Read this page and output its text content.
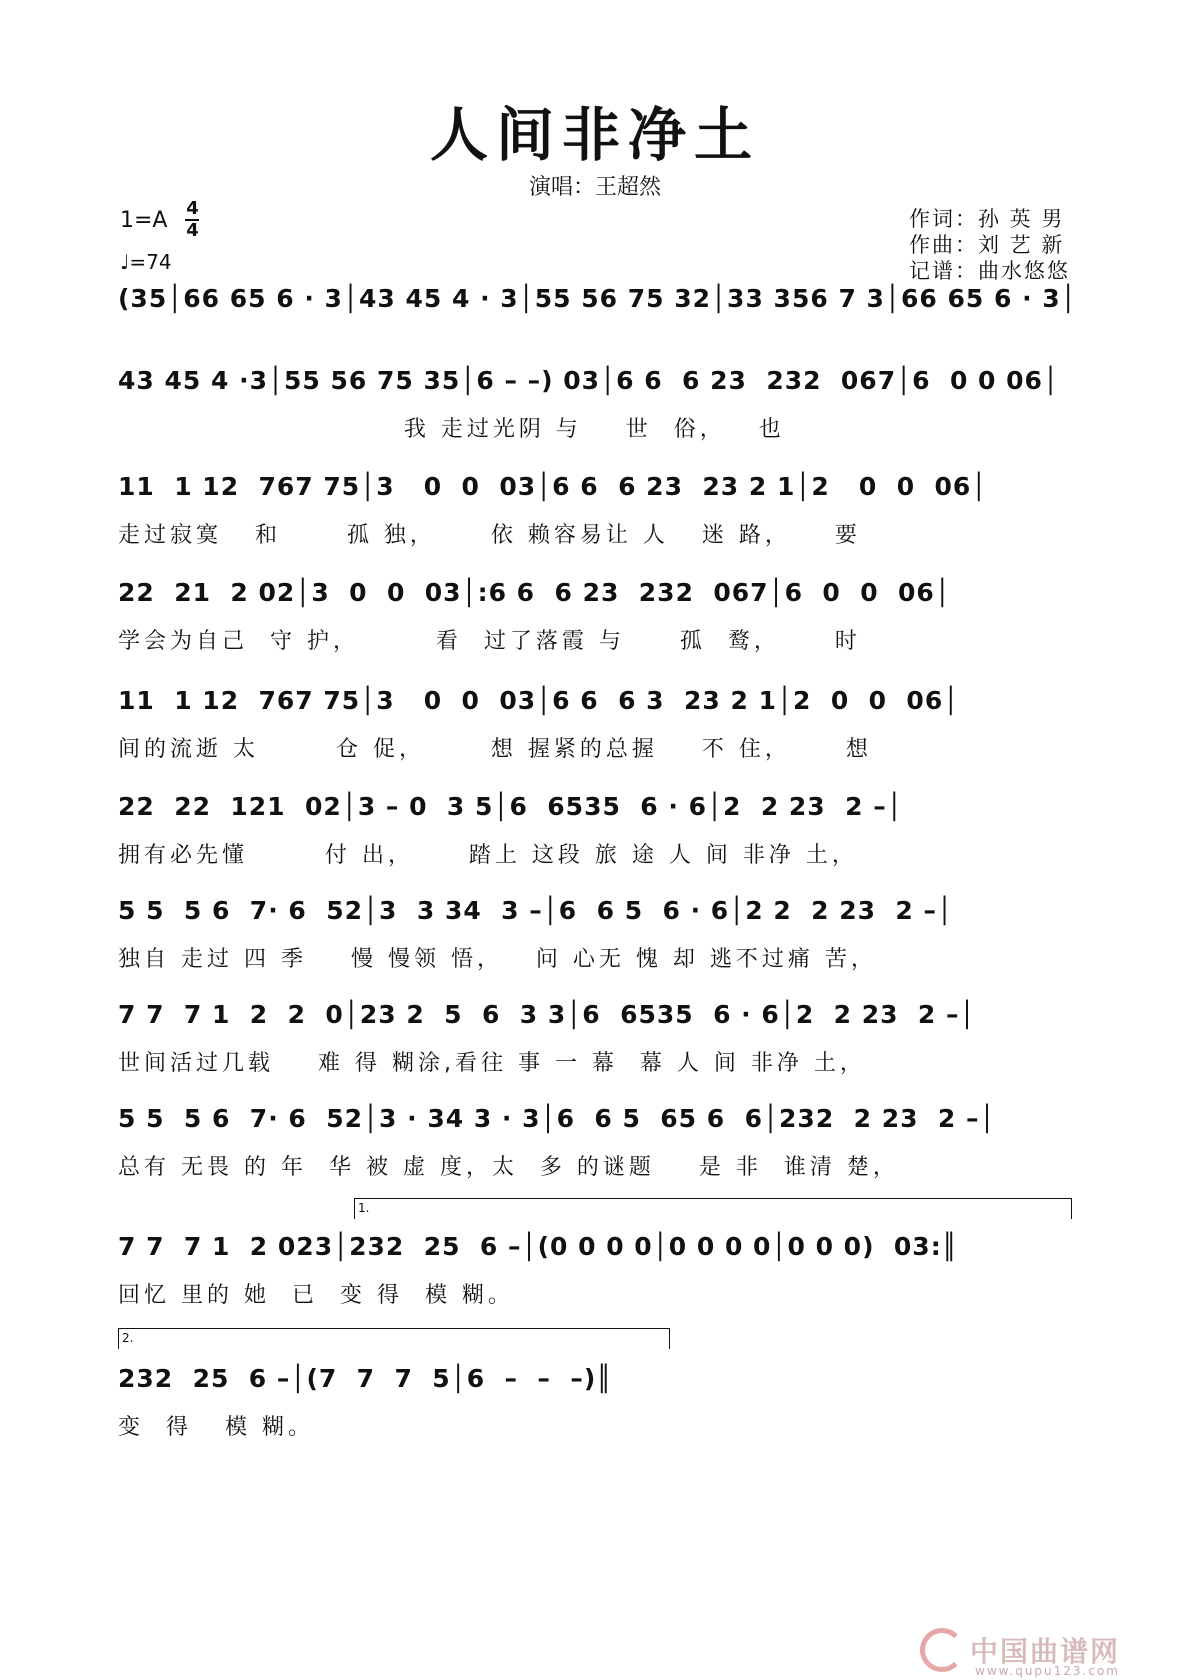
人间非净土
演唱：王超然
$1=A \frac{4}{4}$
♩=74
作词：孙 英 男
作曲：刘 艺 新
记谱：曲水悠悠
(35│66 65 6 · 3│43 45 4 · 3│55 56 75 32│33 356 7 3│66 65 6 · 3│
43 45 4 ·3│55 56 75 35│6 – –) 03│6 6  6 23  232  067│6  0 0 06│
我 走过光阴 与    世  俗，   也
11  1 12  767 75│3   0  0  03│6 6  6 23  23 2 1│2   0  0  06│
走过寂寞   和      孤 独，     依 赖容易让 人   迷 路，    要
22  21  2 02│3  0  0  03│:6 6  6 23  232  067│6  0  0  06│
学会为自己  守 护，       看  过了落霞 与     孤  鹜，     时
11  1 12  767 75│3   0  0  03│6 6  6 3  23 2 1│2  0  0  06│
间的流逝 太       仓 促，      想 握紧的总握    不 住，     想
22  22  121  02│3 – 0  3 5│6  6535  6 · 6│2  2 23  2 –│
拥有必先懂       付 出，     踏上 这段 旅 途 人 间 非净 土，
5 5  5 6  7· 6  52│3  3 34  3 –│6  6 5  6 · 6│2 2  2 23  2 –│
独自 走过 四 季    慢 慢领 悟，   问 心无 愧 却 逃不过痛 苦，
7 7  7 1  2  2  0│23 2  5  6  3 3│6  6535  6 · 6│2  2 23  2 –│
世间活过几载    难 得 糊涂,看往 事 一 幕  幕 人 间 非净 土，
5 5  5 6  7· 6  52│3 · 34 3 · 3│6  6 5  65 6  6│232  2 23  2 –│
总有 无畏 的 年  华 被 虚 度，太  多 的谜题    是 非  谁清 楚，
1.
7 7  7 1  2 023│232  25  6 –│(0 0 0 0│0 0 0 0│0 0 0)  03:║
回忆 里的 她  已  变 得  模 糊。
2.
232  25  6 –│(7  7  7  5│6  –  –  –)║
变  得   模 糊。
中国曲谱网
www.qupu123.com
